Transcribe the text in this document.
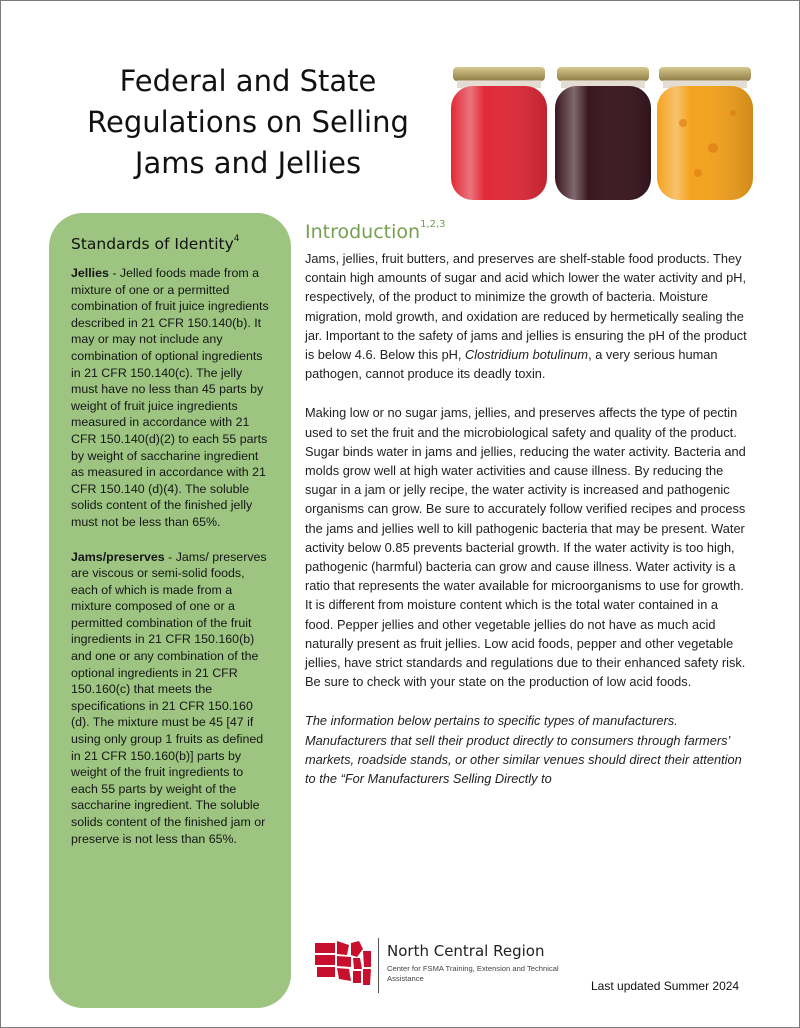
Federal and State
Regulations on Selling
Jams and Jellies
Standards of Identity$^4$

Jellies - Jelled foods made from a mixture of one or a permitted combination of fruit juice ingredients described in 21 CFR 150.140(b). It may or may not include any combination of optional ingredients in 21 CFR 150.140(c). The jelly must have no less than 45 parts by weight of fruit juice ingredients measured in accordance with 21 CFR 150.140(d)(2) to each 55 parts by weight of saccharine ingredient as measured in accordance with 21 CFR 150.140 (d)(4). The soluble solids content of the finished jelly must not be less than 65%.

Jams/preserves - Jams/ preserves are viscous or semi-solid foods, each of which is made from a mixture composed of one or a permitted combination of the fruit ingredients in 21 CFR 150.160(b) and one or any combination of the optional ingredients in 21 CFR 150.160(c) that meets the specifications in 21 CFR 150.160 (d). The mixture must be 45 [47 if using only group 1 fruits as defined in 21 CFR 150.160(b)] parts by weight of the fruit ingredients to each 55 parts by weight of the saccharine ingredient. The soluble solids content of the finished jam or preserve is not less than 65%.

Introduction$^{1,2,3}$

Jams, jellies, fruit butters, and preserves are shelf-stable food products. They contain high amounts of sugar and acid which lower the water activity and pH, respectively, of the product to minimize the growth of bacteria. Moisture migration, mold growth, and oxidation are reduced by hermetically sealing the jar. Important to the safety of jams and jellies is ensuring the pH of the product is below 4.6. Below this pH, Clostridium botulinum, a very serious human pathogen, cannot produce its deadly toxin.

Making low or no sugar jams, jellies, and preserves affects the type of pectin used to set the fruit and the microbiological safety and quality of the product. Sugar binds water in jams and jellies, reducing the water activity. Bacteria and molds grow well at high water activities and cause illness. By reducing the sugar in a jam or jelly recipe, the water activity is increased and pathogenic organisms can grow. Be sure to accurately follow verified recipes and process the jams and jellies well to kill pathogenic bacteria that may be present. Water activity below 0.85 prevents bacterial growth. If the water activity is too high, pathogenic (harmful) bacteria can grow and cause illness. Water activity is a ratio that represents the water available for microorganisms to use for growth. It is different from moisture content which is the total water contained in a food. Pepper jellies and other vegetable jellies do not have as much acid naturally present as fruit jellies. Low acid foods, pepper and other vegetable jellies, have strict standards and regulations due to their enhanced safety risk. Be sure to check with your state on the production of low acid foods.

The information below pertains to specific types of manufacturers. Manufacturers that sell their product directly to consumers through farmers’ markets, roadside stands, or other similar venues should direct their attention to the “For Manufacturers Selling Directly to

North Central Region
Center for FSMA Training, Extension and Technical Assistance
Last updated Summer 2024
